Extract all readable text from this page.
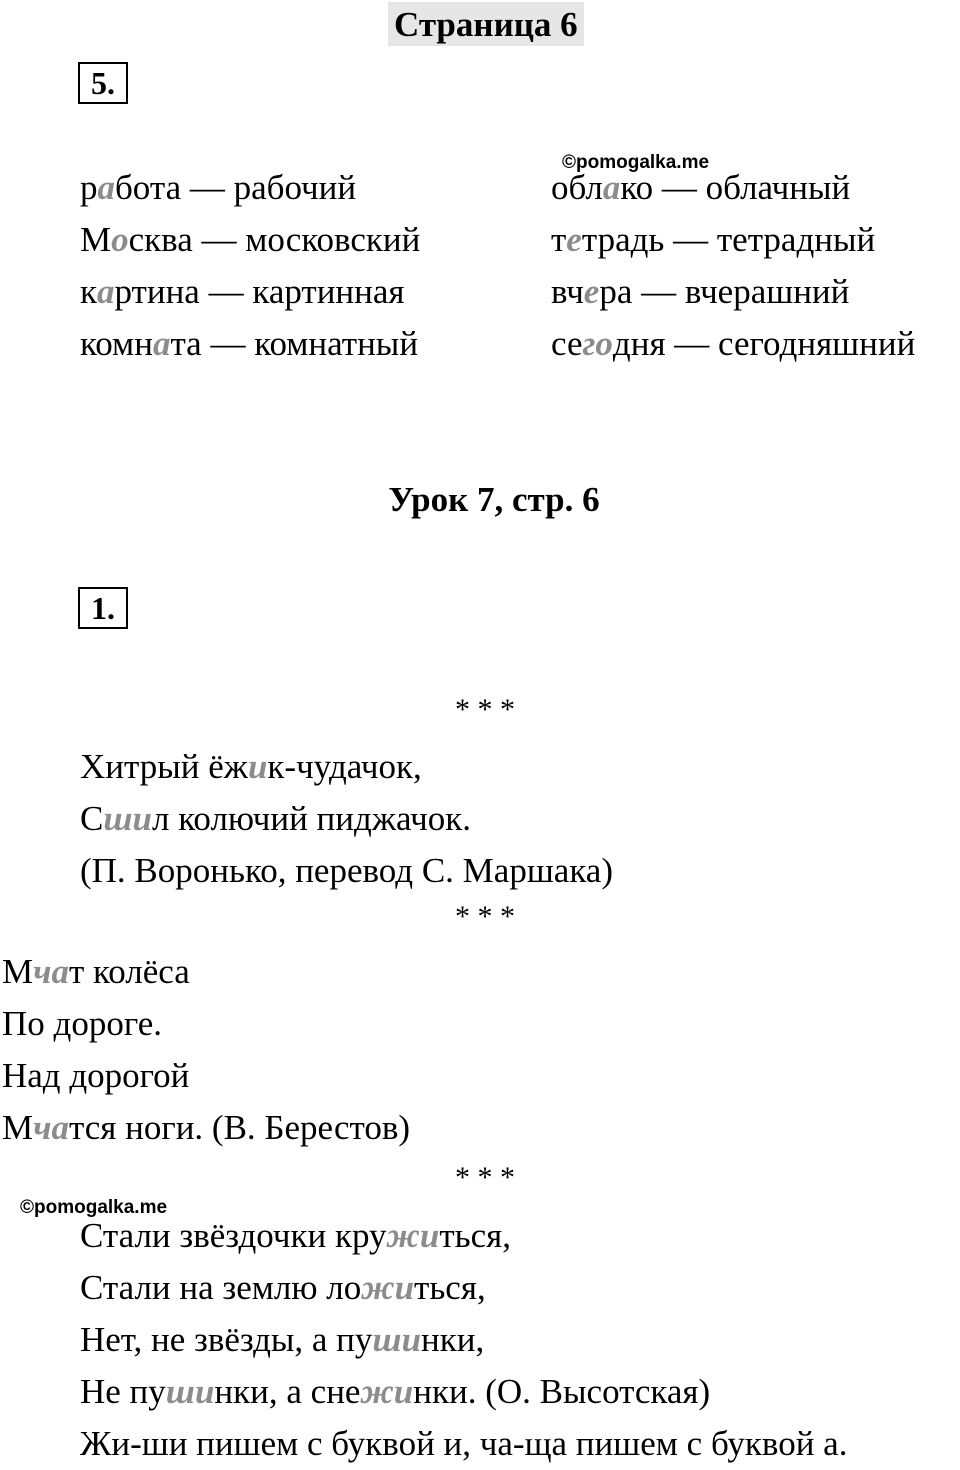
Страница 6
5.
©pomogalka.me
работа — рабочий
Москва — московский
картина — картинная
комната — комнатный
облако — облачный
тетрадь — тетрадный
вчера — вчерашний
сегодня — сегодняшний
Урок 7, стр. 6
1.
* * *
Хитрый ёжик-чудачок,
Сшил колючий пиджачок.
(П. Воронько, перевод С. Маршака)
* * *
Мчат колёса
По дороге.
Над дорогой
Мчатся ноги. (В. Берестов)
* * *
©pomogalka.me
Стали звёздочки кружиться,
Стали на землю ложиться,
Нет, не звёзды, а пушинки,
Не пушинки, а снежинки. (О. Высотская)
Жи-ши пишем с буквой и, ча-ща пишем с буквой а.
